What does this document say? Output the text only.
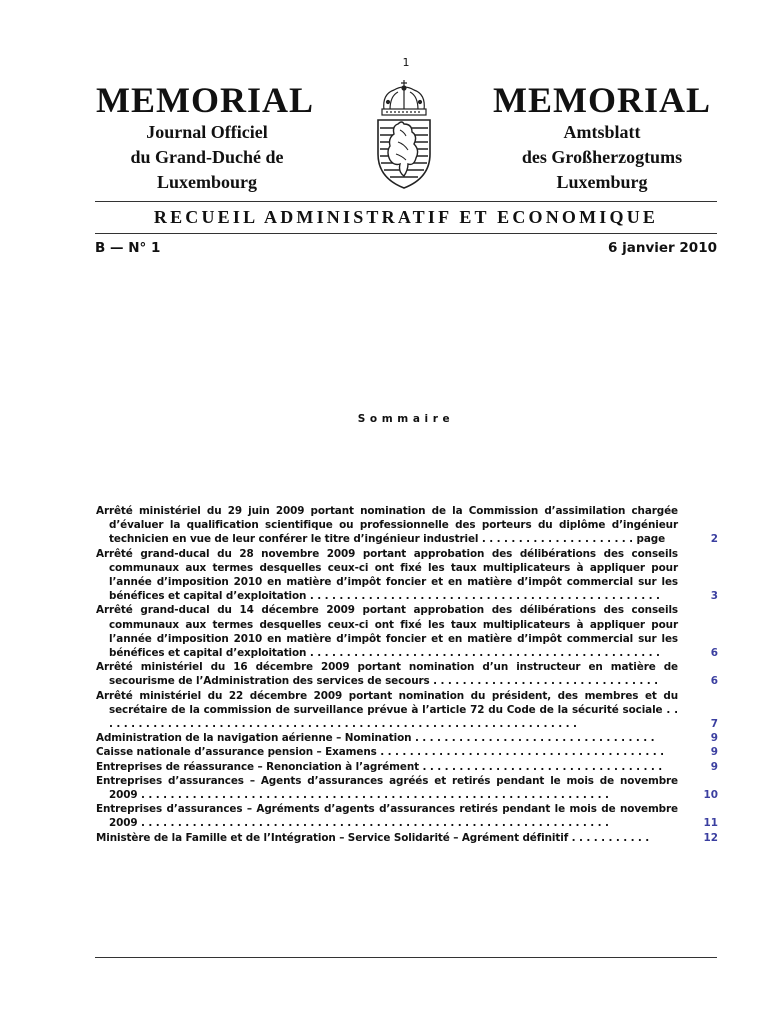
1
MEMORIAL
Journal Officiel
du Grand-Duché de
Luxembourg
MEMORIAL
Amtsblatt
des Großherzogtums
Luxemburg
RECUEIL ADMINISTRATIF ET ECONOMIQUE
B — N° 1	6 janvier 2010
Sommaire
Arrêté ministériel du 29 juin 2009 portant nomination de la Commission d’assimilation chargée d’évaluer la qualification scientifique ou professionnelle des porteurs du diplôme d’ingénieur technicien en vue de leur conférer le titre d’ingénieur industriel . . . . . . . . . . . . . . . . . . . . . page	2
Arrêté grand-ducal du 28 novembre 2009 portant approbation des délibérations des conseils communaux aux termes desquelles ceux-ci ont fixé les taux multiplicateurs à appliquer pour l’année d’imposition 2010 en matière d’impôt foncier et en matière d’impôt commercial sur les bénéfices et capital d’exploitation . . . . . . . . . . . . . . . . . . . . . . . . . . . . . . . . . . . . . . . . . . . . . . . .	3
Arrêté grand-ducal du 14 décembre 2009 portant approbation des délibérations des conseils communaux aux termes desquelles ceux-ci ont fixé les taux multiplicateurs à appliquer pour l’année d’imposition 2010 en matière d’impôt foncier et en matière d’impôt commercial sur les bénéfices et capital d’exploitation . . . . . . . . . . . . . . . . . . . . . . . . . . . . . . . . . . . . . . . . . . . . . . . .	6
Arrêté ministériel du 16 décembre 2009 portant nomination d’un instructeur en matière de secourisme de l’Administration des services de secours . . . . . . . . . . . . . . . . . . . . . . . . . . . . . . .	6
Arrêté ministériel du 22 décembre 2009 portant nomination du président, des membres et du secrétaire de la commission de surveillance prévue à l’article 72 du Code de la sécurité sociale . . . . . . . . . . . . . . . . . . . . . . . . . . . . . . . . . . . . . . . . . . . . . . . . . . . . . . . . . . . . . . . . . .	7
Administration de la navigation aérienne – Nomination . . . . . . . . . . . . . . . . . . . . . . . . . . . . . . . . .	9
Caisse nationale d’assurance pension – Examens . . . . . . . . . . . . . . . . . . . . . . . . . . . . . . . . . . . . . . .	9
Entreprises de réassurance – Renonciation à l’agrément . . . . . . . . . . . . . . . . . . . . . . . . . . . . . . . . .	9
Entreprises d’assurances – Agents d’assurances agréés et retirés pendant le mois de novembre 2009 . . . . . . . . . . . . . . . . . . . . . . . . . . . . . . . . . . . . . . . . . . . . . . . . . . . . . . . . . . . . . . . .	10
Entreprises d’assurances – Agréments d’agents d’assurances retirés pendant le mois de novembre 2009 . . . . . . . . . . . . . . . . . . . . . . . . . . . . . . . . . . . . . . . . . . . . . . . . . . . . . . . . . . . . . . . .	11
Ministère de la Famille et de l’Intégration – Service Solidarité – Agrément définitif . . . . . . . . . . .	12
